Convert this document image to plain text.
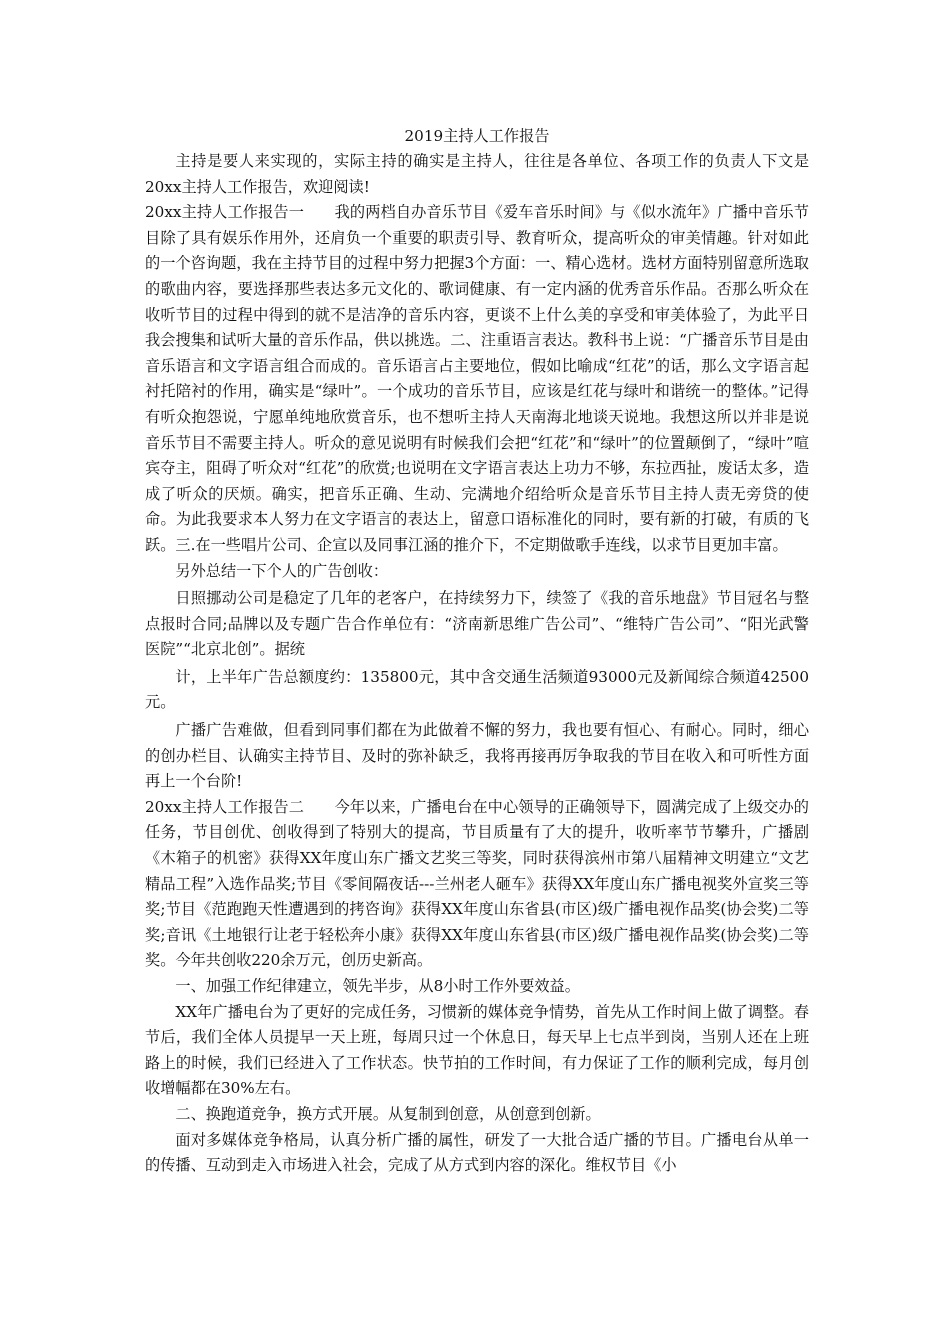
2019主持人工作报告

主持是要人来实现的，实际主持的确实是主持人，往往是各单位、各项工作的负责人下文是20xx主持人工作报告，欢迎阅读!

20xx主持人工作报告一　　我的两档自办音乐节目《爱车音乐时间》与《似水流年》广播中音乐节目除了具有娱乐作用外，还肩负一个重要的职责引导、教育听众，提高听众的审美情趣。针对如此的一个咨询题，我在主持节目的过程中努力把握3个方面：一、精心选材。选材方面特别留意所选取的歌曲内容，要选择那些表达多元文化的、歌词健康、有一定内涵的优秀音乐作品。否那么听众在收听节目的过程中得到的就不是洁净的音乐内容，更谈不上什么美的享受和审美体验了，为此平日我会搜集和试听大量的音乐作品，供以挑选。二、注重语言表达。教科书上说：“广播音乐节目是由音乐语言和文字语言组合而成的。音乐语言占主要地位，假如比喻成“红花”的话，那么文字语言起衬托陪衬的作用，确实是“绿叶”。一个成功的音乐节目，应该是红花与绿叶和谐统一的整体。”记得有听众抱怨说，宁愿单纯地欣赏音乐，也不想听主持人天南海北地谈天说地。我想这所以并非是说音乐节目不需要主持人。听众的意见说明有时候我们会把“红花”和“绿叶”的位置颠倒了，“绿叶”喧宾夺主，阻碍了听众对“红花”的欣赏;也说明在文字语言表达上功力不够，东拉西扯，废话太多，造成了听众的厌烦。确实，把音乐正确、生动、完满地介绍给听众是音乐节目主持人责无旁贷的使命。为此我要求本人努力在文字语言的表达上，留意口语标准化的同时，要有新的打破，有质的飞跃。三.在一些唱片公司、企宣以及同事江涵的推介下，不定期做歌手连线，以求节目更加丰富。

另外总结一下个人的广告创收：

日照挪动公司是稳定了几年的老客户，在持续努力下，续签了《我的音乐地盘》节目冠名与整点报时合同;品牌以及专题广告合作单位有：“济南新思维广告公司”、“维特广告公司”、“阳光武警医院”“北京北创”。据统

计，上半年广告总额度约：135800元，其中含交通生活频道93000元及新闻综合频道42500元。

广播广告难做，但看到同事们都在为此做着不懈的努力，我也要有恒心、有耐心。同时，细心的创办栏目、认确实主持节目、及时的弥补缺乏，我将再接再厉争取我的节目在收入和可听性方面再上一个台阶!

20xx主持人工作报告二　　今年以来，广播电台在中心领导的正确领导下，圆满完成了上级交办的任务，节目创优、创收得到了特别大的提高，节目质量有了大的提升，收听率节节攀升，广播剧《木箱子的机密》获得XX年度山东广播文艺奖三等奖，同时获得滨州市第八届精神文明建立“文艺精品工程”入选作品奖;节目《零间隔夜话---兰州老人砸车》获得XX年度山东广播电视奖外宣奖三等奖;节目《范跑跑天性遭遇到的拷咨询》获得XX年度山东省县(市区)级广播电视作品奖(协会奖)二等奖;音讯《土地银行让老于轻松奔小康》获得XX年度山东省县(市区)级广播电视作品奖(协会奖)二等奖。今年共创收220余万元，创历史新高。

一、加强工作纪律建立，领先半步，从8小时工作外要效益。

XX年广播电台为了更好的完成任务，习惯新的媒体竞争情势，首先从工作时间上做了调整。春节后，我们全体人员提早一天上班，每周只过一个休息日，每天早上七点半到岗，当别人还在上班路上的时候，我们已经进入了工作状态。快节拍的工作时间，有力保证了工作的顺利完成，每月创收增幅都在30%左右。

二、换跑道竞争，换方式开展。从复制到创意，从创意到创新。

面对多媒体竞争格局，认真分析广播的属性，研发了一大批合适广播的节目。广播电台从单一的传播、互动到走入市场进入社会，完成了从方式到内容的深化。维权节目《小
